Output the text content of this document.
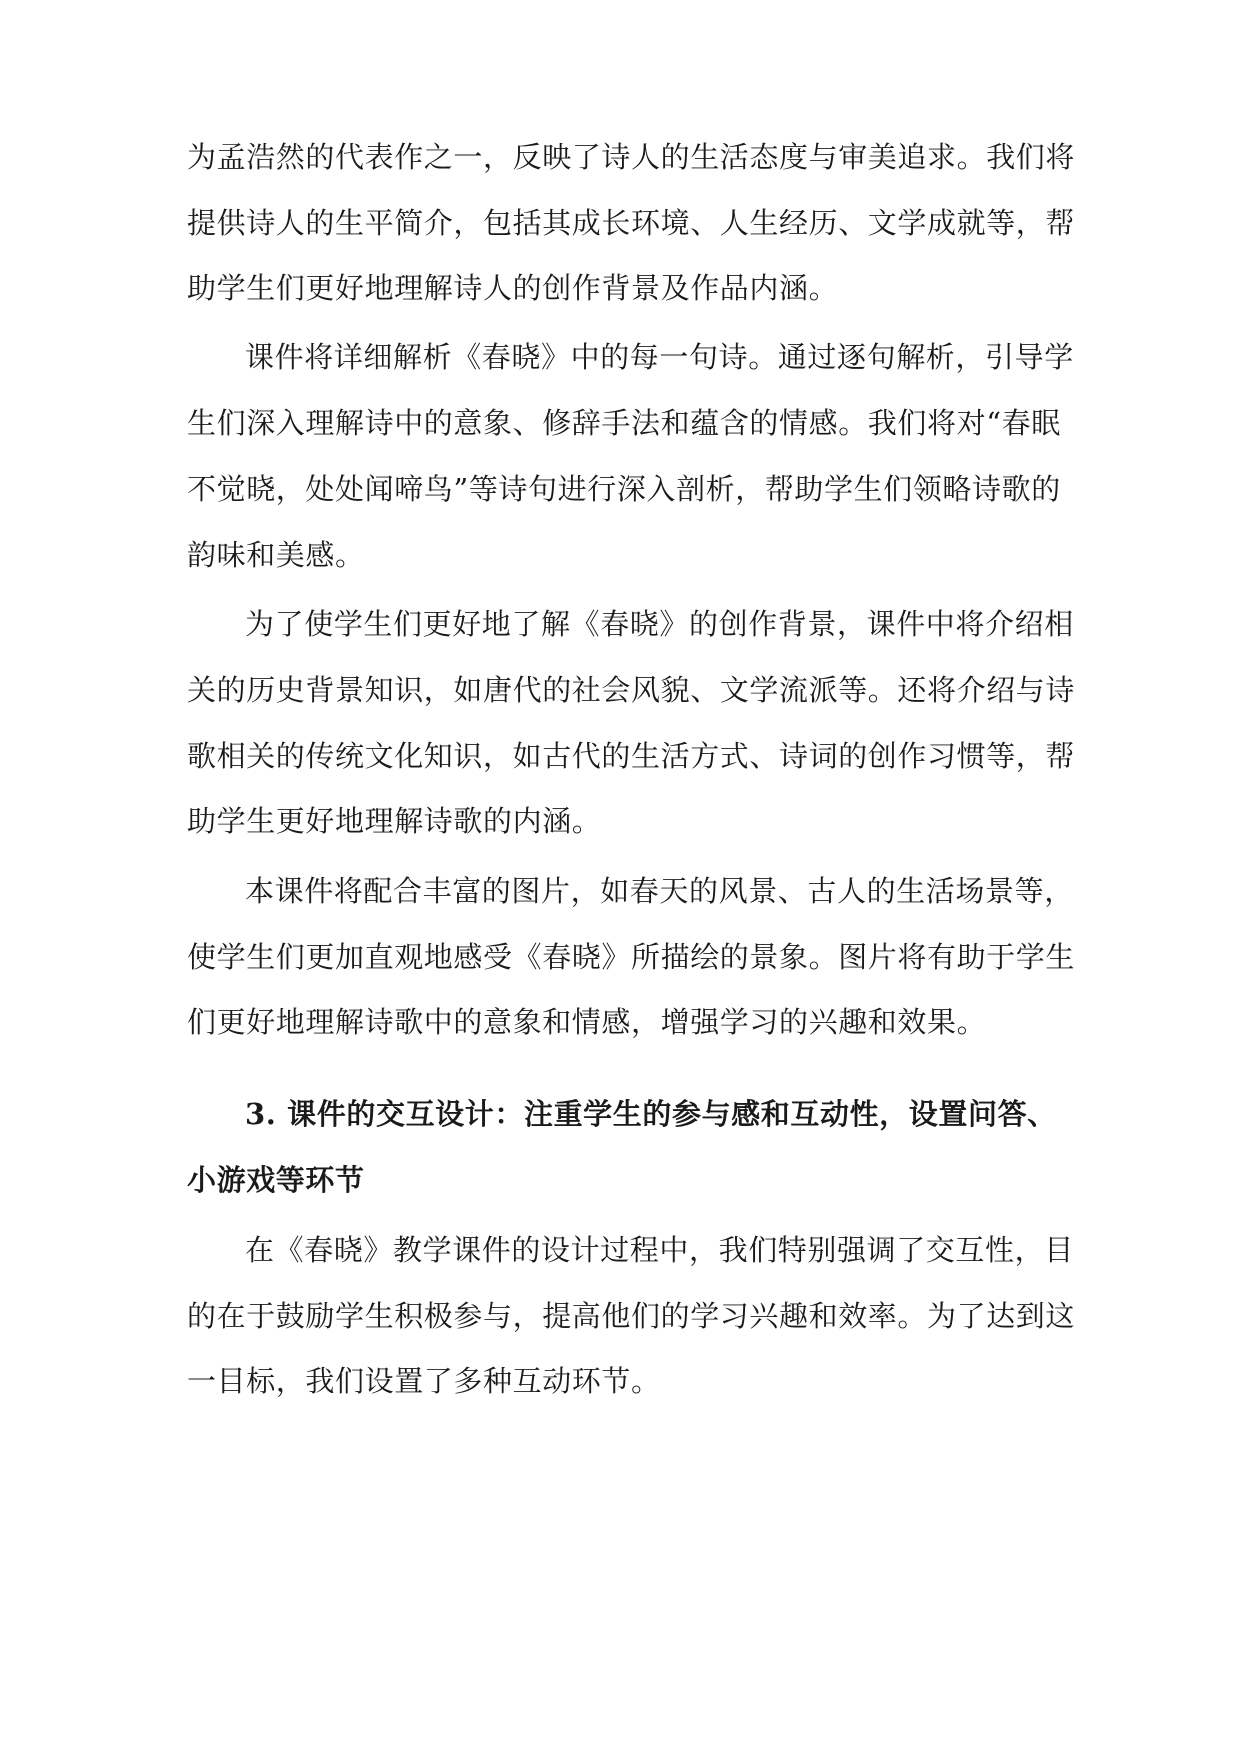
为孟浩然的代表作之一，反映了诗人的生活态度与审美追求。我们将
提供诗人的生平简介，包括其成长环境、人生经历、文学成就等，帮
助学生们更好地理解诗人的创作背景及作品内涵。
课件将详细解析《春晓》中的每一句诗。通过逐句解析，引导学
生们深入理解诗中的意象、修辞手法和蕴含的情感。我们将对“春眠
不觉晓，处处闻啼鸟”等诗句进行深入剖析，帮助学生们领略诗歌的
韵味和美感。
为了使学生们更好地了解《春晓》的创作背景，课件中将介绍相
关的历史背景知识，如唐代的社会风貌、文学流派等。还将介绍与诗
歌相关的传统文化知识，如古代的生活方式、诗词的创作习惯等，帮
助学生更好地理解诗歌的内涵。
本课件将配合丰富的图片，如春天的风景、古人的生活场景等，
使学生们更加直观地感受《春晓》所描绘的景象。图片将有助于学生
们更好地理解诗歌中的意象和情感，增强学习的兴趣和效果。
3. 课件的交互设计：注重学生的参与感和互动性，设置问答、
小游戏等环节
在《春晓》教学课件的设计过程中，我们特别强调了交互性，目
的在于鼓励学生积极参与，提高他们的学习兴趣和效率。为了达到这
一目标，我们设置了多种互动环节。
